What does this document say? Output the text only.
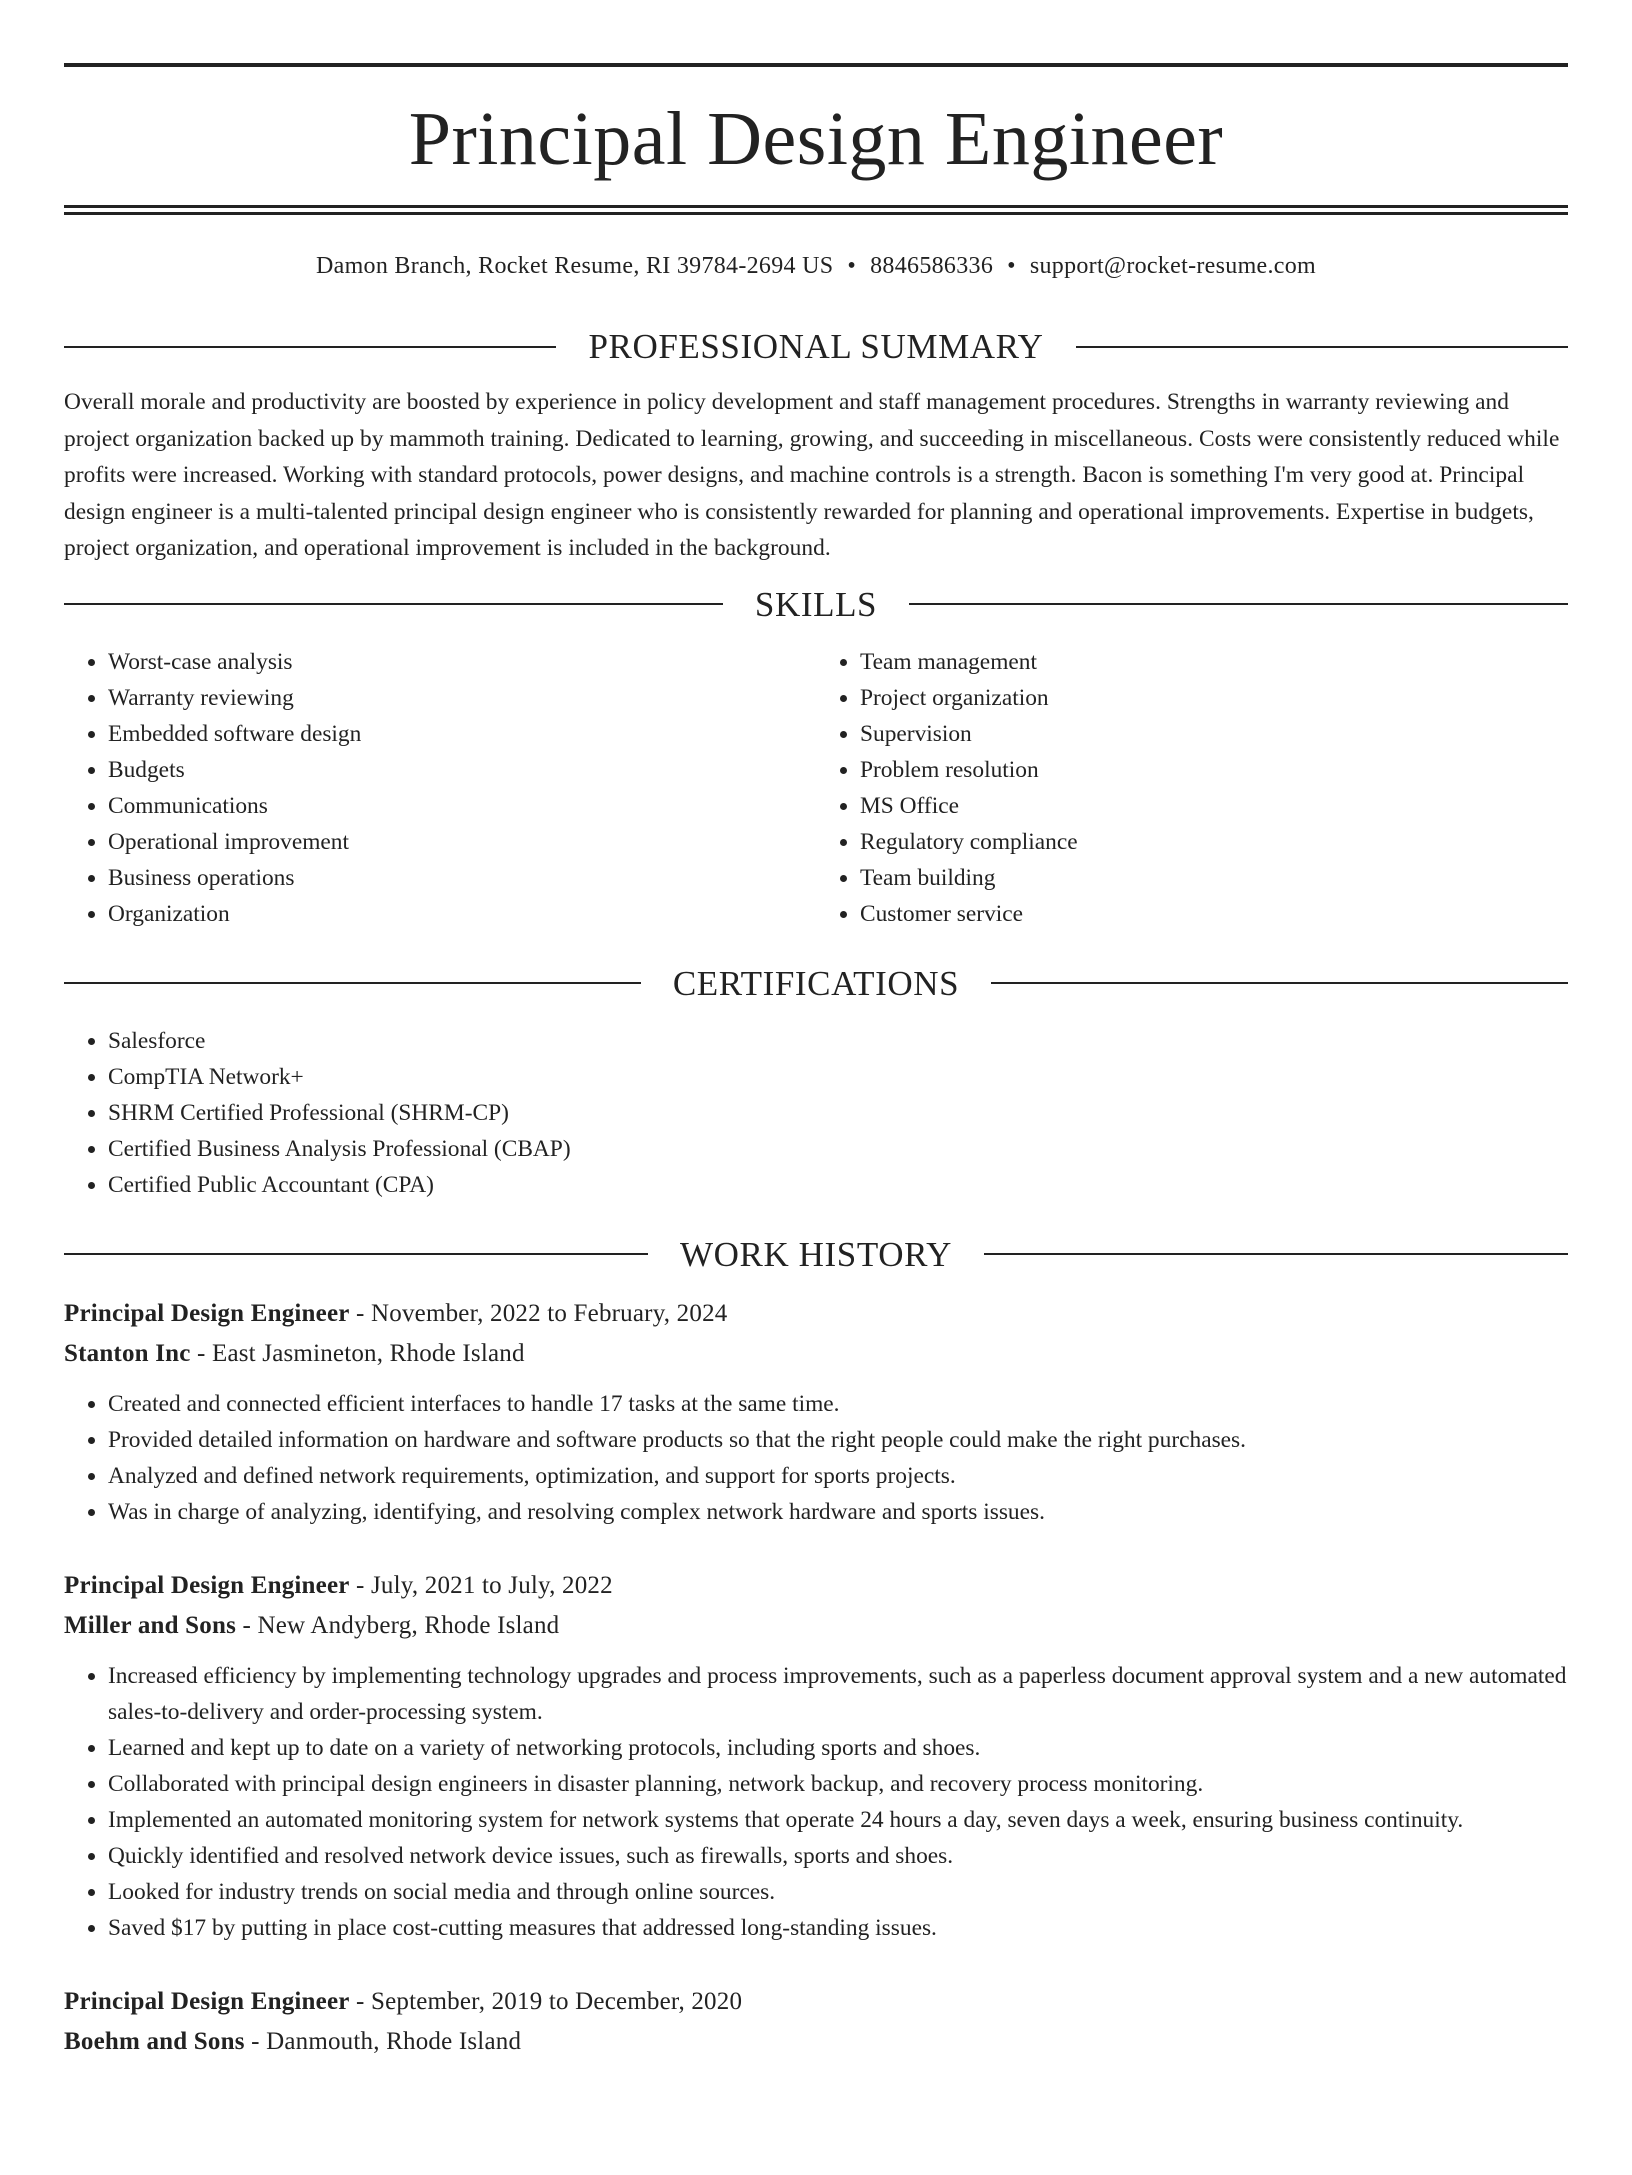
Principal Design Engineer
Damon Branch, Rocket Resume, RI 39784-2694 US • 8846586336 • support@rocket-resume.com
PROFESSIONAL SUMMARY

Overall morale and productivity are boosted by experience in policy development and staff management procedures. Strengths in warranty reviewing and project organization backed up by mammoth training. Dedicated to learning, growing, and succeeding in miscellaneous. Costs were consistently reduced while profits were increased. Working with standard protocols, power designs, and machine controls is a strength. Bacon is something I'm very good at. Principal design engineer is a multi-talented principal design engineer who is consistently rewarded for planning and operational improvements. Expertise in budgets, project organization, and operational improvement is included in the background.

SKILLS
• Worst-case analysis
• Warranty reviewing
• Embedded software design
• Budgets
• Communications
• Operational improvement
• Business operations
• Organization
• Team management
• Project organization
• Supervision
• Problem resolution
• MS Office
• Regulatory compliance
• Team building
• Customer service
CERTIFICATIONS
• Salesforce
• CompTIA Network+
• SHRM Certified Professional (SHRM-CP)
• Certified Business Analysis Professional (CBAP)
• Certified Public Accountant (CPA)
WORK HISTORY
Principal Design Engineer - November, 2022 to February, 2024
Stanton Inc - East Jasmineton, Rhode Island
• Created and connected efficient interfaces to handle 17 tasks at the same time.
• Provided detailed information on hardware and software products so that the right people could make the right purchases.
• Analyzed and defined network requirements, optimization, and support for sports projects.
• Was in charge of analyzing, identifying, and resolving complex network hardware and sports issues.
Principal Design Engineer - July, 2021 to July, 2022
Miller and Sons - New Andyberg, Rhode Island
• Increased efficiency by implementing technology upgrades and process improvements, such as a paperless document approval system and a new automated sales-to-delivery and order-processing system.
• Learned and kept up to date on a variety of networking protocols, including sports and shoes.
• Collaborated with principal design engineers in disaster planning, network backup, and recovery process monitoring.
• Implemented an automated monitoring system for network systems that operate 24 hours a day, seven days a week, ensuring business continuity.
• Quickly identified and resolved network device issues, such as firewalls, sports and shoes.
• Looked for industry trends on social media and through online sources.
• Saved $17 by putting in place cost-cutting measures that addressed long-standing issues.
Principal Design Engineer - September, 2019 to December, 2020
Boehm and Sons - Danmouth, Rhode Island
